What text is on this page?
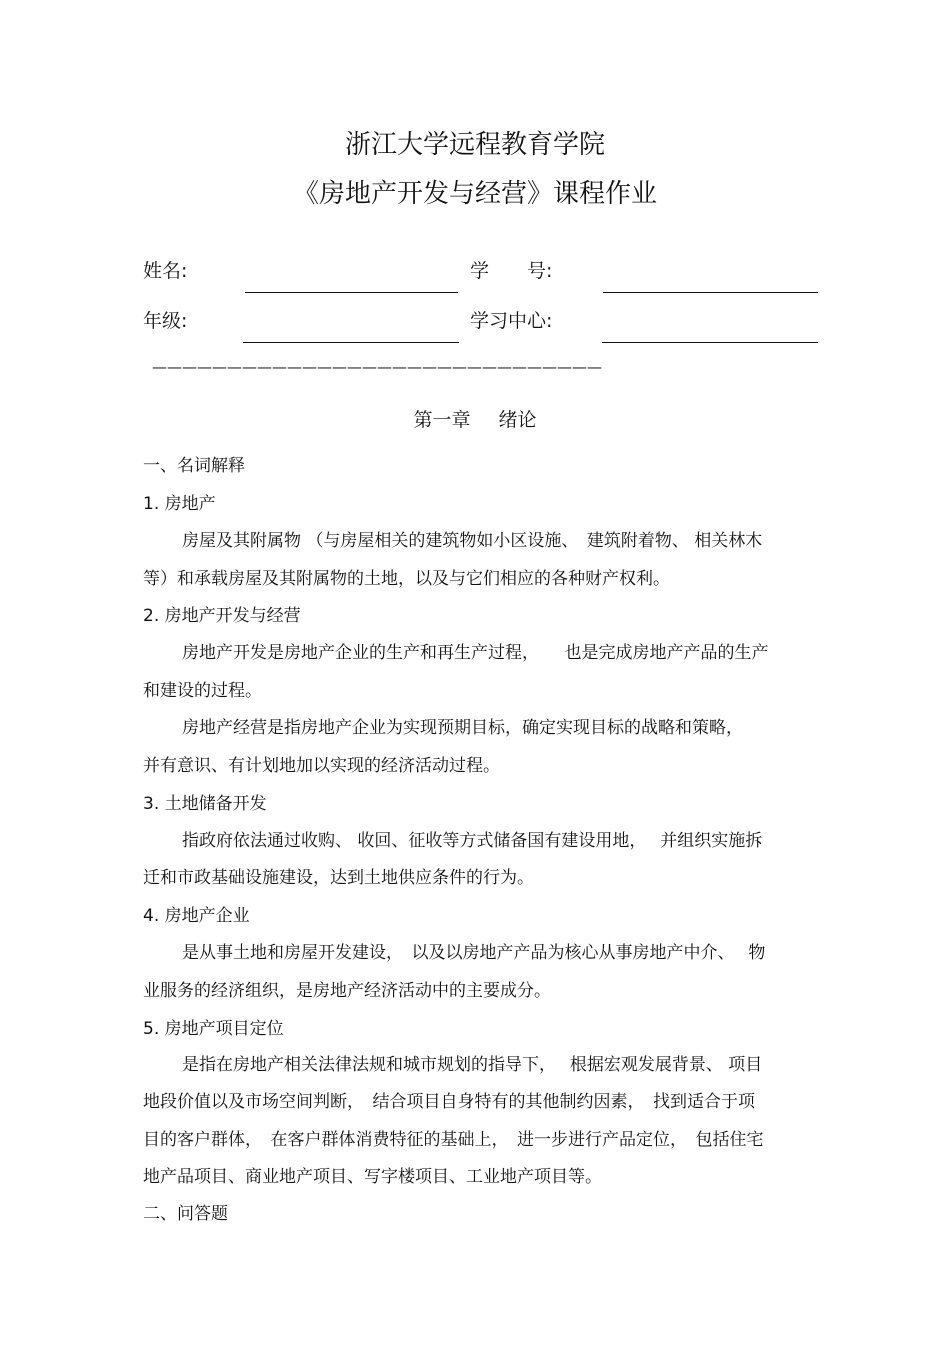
浙江大学远程教育学院
《房地产开发与经营》课程作业
姓名:	学　　号:
年级:	学习中心:
——————————————————————————————
第一章 绪论
一、名词解释
1. 房地产
房屋及其附属物 （与房屋相关的建筑物如小区设施、　建筑附着物、 相关林木
等）和承载房屋及其附属物的土地，以及与它们相应的各种财产权利。
2. 房地产开发与经营
房地产开发是房地产企业的生产和再生产过程，　　也是完成房地产产品的生产
和建设的过程。
房地产经营是指房地产企业为实现预期目标，确定实现目标的战略和策略，
并有意识、有计划地加以实现的经济活动过程。
3. 土地储备开发
指政府依法通过收购、 收回、征收等方式储备国有建设用地，　 并组织实施拆
迁和市政基础设施建设，达到土地供应条件的行为。
4. 房地产企业
是从事土地和房屋开发建设，　以及以房地产产品为核心从事房地产中介、　 物
业服务的经济组织，是房地产经济活动中的主要成分。
5. 房地产项目定位
是指在房地产相关法律法规和城市规划的指导下，　 根据宏观发展背景、 项目
地段价值以及市场空间判断，　结合项目自身特有的其他制约因素，　找到适合于项
目的客户群体，　在客户群体消费特征的基础上，　进一步进行产品定位，　包括住宅
地产品项目、商业地产项目、写字楼项目、工业地产项目等。
二、问答题
